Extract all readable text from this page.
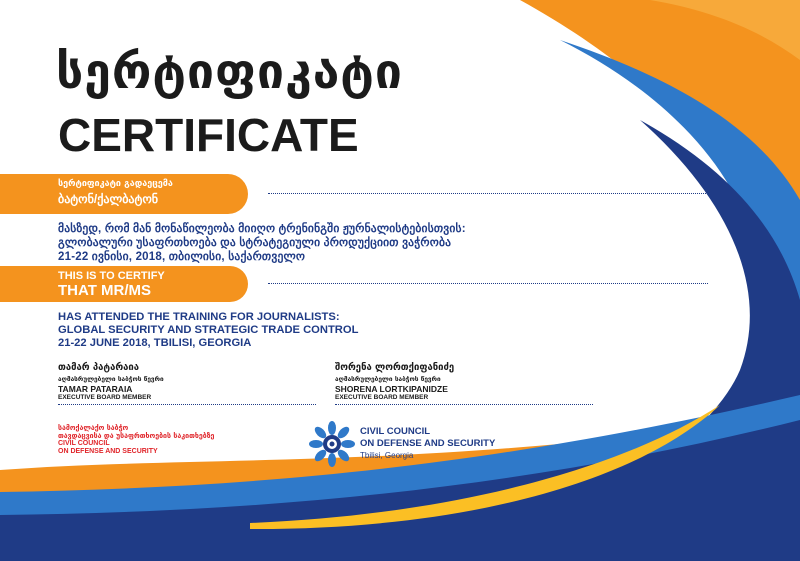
სერტიფიკატი
CERTIFICATE
სერტიფიკატი გადაეცემა
ბატონ/ქალბატონ
მასზედ, რომ მან მონაწილეობა მიიღო ტრენინგში ჟურნალისტებისთვის:
გლობალური უსაფრთხოება და სტრატეგიული პროდუქციით ვაჭრობა
21-22 ივნისი, 2018, თბილისი, საქართველო
THIS IS TO CERTIFY
THAT MR/MS
HAS ATTENDED THE TRAINING FOR JOURNALISTS:
GLOBAL SECURITY AND STRATEGIC TRADE CONTROL
21-22 JUNE 2018, TBILISI, GEORGIA
თამარ პატარაია
აღმასრულებელი საბჭოს წევრი
TAMAR PATARAIA
EXECUTIVE BOARD MEMBER
შორენა ლორთქიფანიძე
აღმასრულებელი საბჭოს წევრი
SHORENA LORTKIPANIDZE
EXECUTIVE BOARD MEMBER
სამოქალაქო საბჭო
თავდაცვისა და უსაფრთხოების საკითხებზე
CIVIL COUNCIL
ON DEFENSE AND SECURITY
CIVIL COUNCIL
ON DEFENSE AND SECURITY
Tbilisi, Georgia
